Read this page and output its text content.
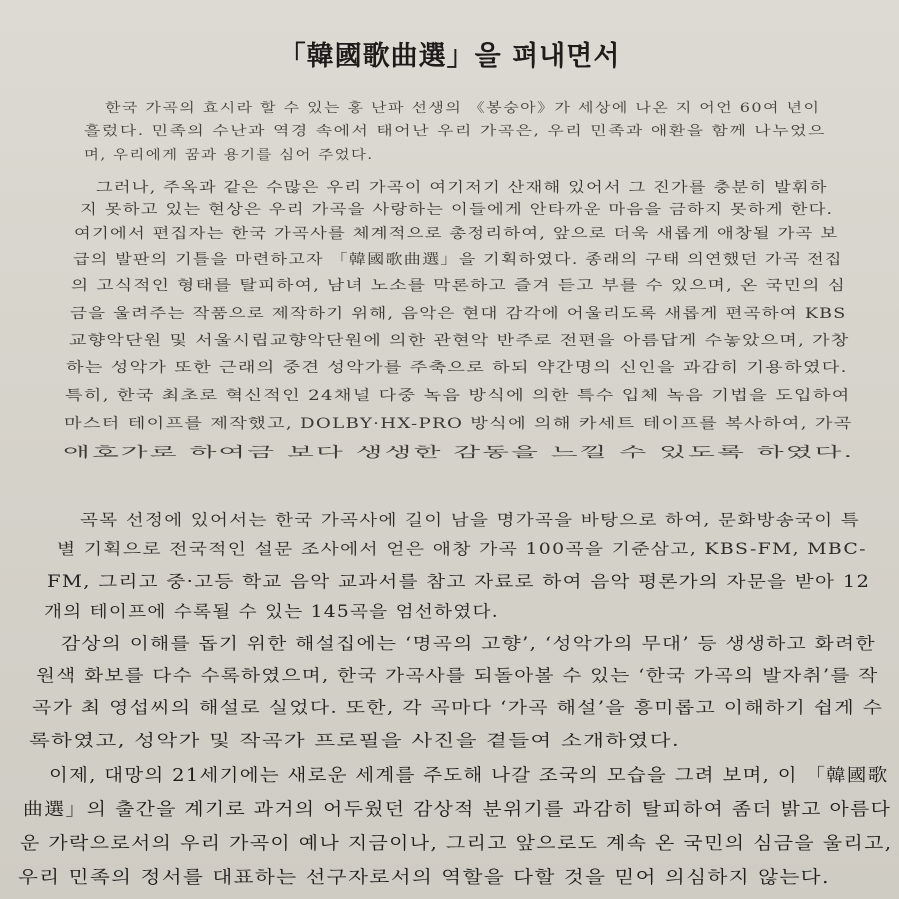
「韓國歌曲選」을 펴내면서
한국 가곡의 효시라 할 수 있는 홍 난파 선생의 《봉숭아》가 세상에 나온 지 어언 60여 년이
흘렀다. 민족의 수난과 역경 속에서 태어난 우리 가곡은, 우리 민족과 애환을 함께 나누었으
며, 우리에게 꿈과 용기를 심어 주었다.
그러나, 주옥과 같은 수많은 우리 가곡이 여기저기 산재해 있어서 그 진가를 충분히 발휘하
지 못하고 있는 현상은 우리 가곡을 사랑하는 이들에게 안타까운 마음을 금하지 못하게 한다.
여기에서 편집자는 한국 가곡사를 체계적으로 총정리하여, 앞으로 더욱 새롭게 애창될 가곡 보
급의 발판의 기틀을 마련하고자 「韓國歌曲選」을 기획하였다. 종래의 구태 의연했던 가곡 전집
의 고식적인 형태를 탈피하여, 남녀 노소를 막론하고 즐겨 듣고 부를 수 있으며, 온 국민의 심
금을 울려주는 작품으로 제작하기 위해, 음악은 현대 감각에 어울리도록 새롭게 편곡하여 KBS
교향악단원 및 서울시립교향악단원에 의한 관현악 반주로 전편을 아름답게 수놓았으며, 가창
하는 성악가 또한 근래의 중견 성악가를 주축으로 하되 약간명의 신인을 과감히 기용하였다.
특히, 한국 최초로 혁신적인 24채널 다중 녹음 방식에 의한 특수 입체 녹음 기법을 도입하여
마스터 테이프를 제작했고, DOLBY·HX-PRO 방식에 의해 카세트 테이프를 복사하여, 가곡
애호가로 하여금 보다 생생한 감동을 느낄 수 있도록 하였다.
곡목 선정에 있어서는 한국 가곡사에 길이 남을 명가곡을 바탕으로 하여, 문화방송국이 특
별 기획으로 전국적인 설문 조사에서 얻은 애창 가곡 100곡을 기준삼고, KBS-FM, MBC-
FM, 그리고 중·고등 학교 음악 교과서를 참고 자료로 하여 음악 평론가의 자문을 받아 12
개의 테이프에 수록될 수 있는 145곡을 엄선하였다.
감상의 이해를 돕기 위한 해설집에는 ‘명곡의 고향’, ‘성악가의 무대’ 등 생생하고 화려한
원색 화보를 다수 수록하였으며, 한국 가곡사를 되돌아볼 수 있는 ‘한국 가곡의 발자취’를 작
곡가 최 영섭씨의 해설로 실었다. 또한, 각 곡마다 ‘가곡 해설’을 흥미롭고 이해하기 쉽게 수
록하였고, 성악가 및 작곡가 프로필을 사진을 곁들여 소개하였다.
이제, 대망의 21세기에는 새로운 세계를 주도해 나갈 조국의 모습을 그려 보며, 이 「韓國歌
曲選」의 출간을 계기로 과거의 어두웠던 감상적 분위기를 과감히 탈피하여 좀더 밝고 아름다
운 가락으로서의 우리 가곡이 예나 지금이나, 그리고 앞으로도 계속 온 국민의 심금을 울리고,
우리 민족의 정서를 대표하는 선구자로서의 역할을 다할 것을 믿어 의심하지 않는다.
